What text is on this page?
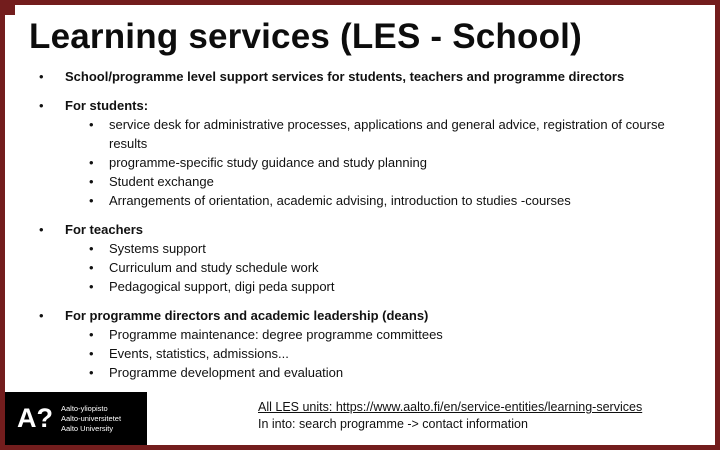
Learning services (LES - School)
•	School/programme level support services for students, teachers and programme directors
•	For students:
•	service desk for administrative processes, applications and general advice, registration of course results
•	programme-specific study guidance and study planning
•	Student exchange
•	Arrangements of orientation, academic advising, introduction to studies -courses
•	For teachers
•	Systems support
•	Curriculum and study schedule work
•	Pedagogical support, digi peda support
•	For programme directors and academic leadership (deans)
•	Programme maintenance: degree programme committees
•	Events, statistics, admissions...
•	Programme development and evaluation
A? Aalto-yliopisto
Aalto-universitetet
Aalto University
All LES units: https://www.aalto.fi/en/service-entities/learning-services
In into: search programme -> contact information
